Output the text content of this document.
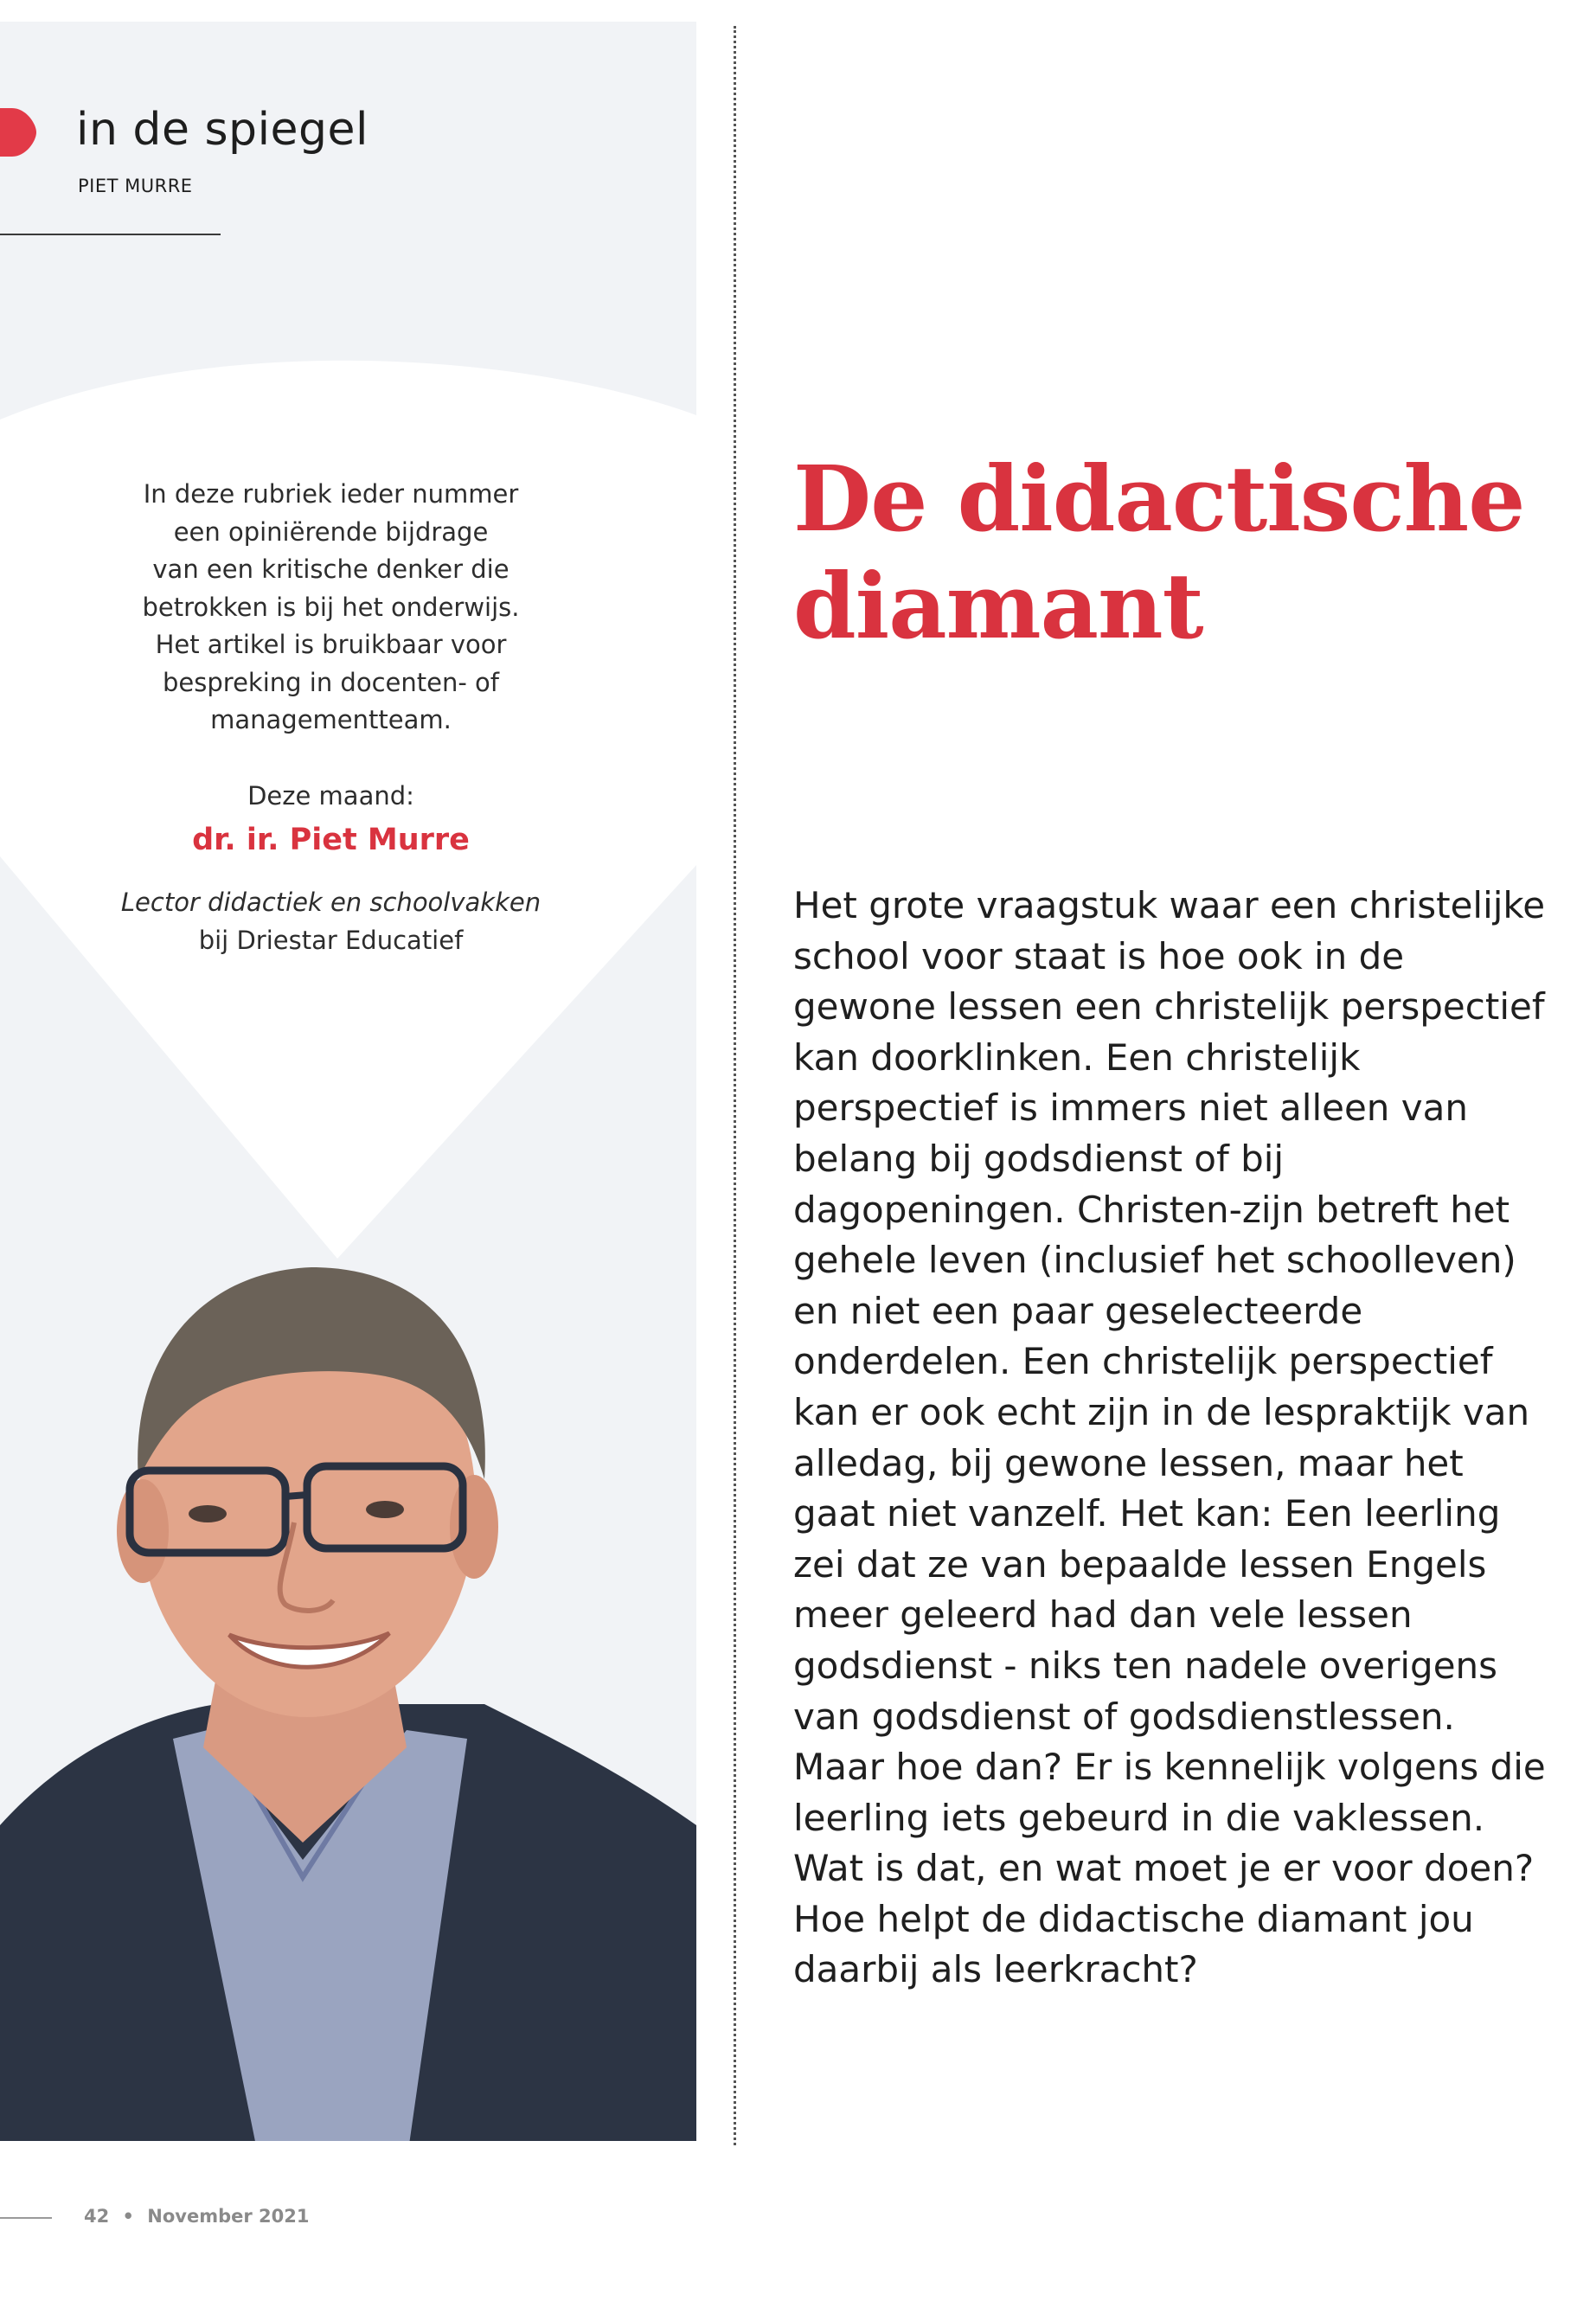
in de spiegel
PIET MURRE

In deze rubriek ieder nummer

een opiniërende bijdrage

van een kritische denker die

betrokken is bij het onderwijs.

Het artikel is bruikbaar voor

bespreking in docenten- of

managementteam.

Deze maand:

dr. ir. Piet Murre

Lector didactiek en schoolvakken

bij Driestar Educatief

De didactische
diamant

Het grote vraagstuk waar een christelijke school voor staat is hoe ook in de gewone lessen een christelijk perspectief kan doorklinken. Een christelijk perspectief is immers niet alleen van belang bij godsdienst of bij dagopeningen. Christen-zijn betreft het gehele leven (inclusief het schoolleven) en niet een paar geselecteerde onderdelen. Een christelijk perspectief kan er ook echt zijn in de lespraktijk van alledag, bij gewone lessen, maar het gaat niet vanzelf. Het kan: Een leerling zei dat ze van bepaalde lessen Engels meer geleerd had dan vele lessen godsdienst - niks ten nadele overigens van godsdienst of godsdienstlessen. Maar hoe dan? Er is kennelijk volgens die leerling iets gebeurd in die vaklessen. Wat is dat, en wat moet je er voor doen? Hoe helpt de didactische diamant jou daarbij als leerkracht?

42 • November 2021
